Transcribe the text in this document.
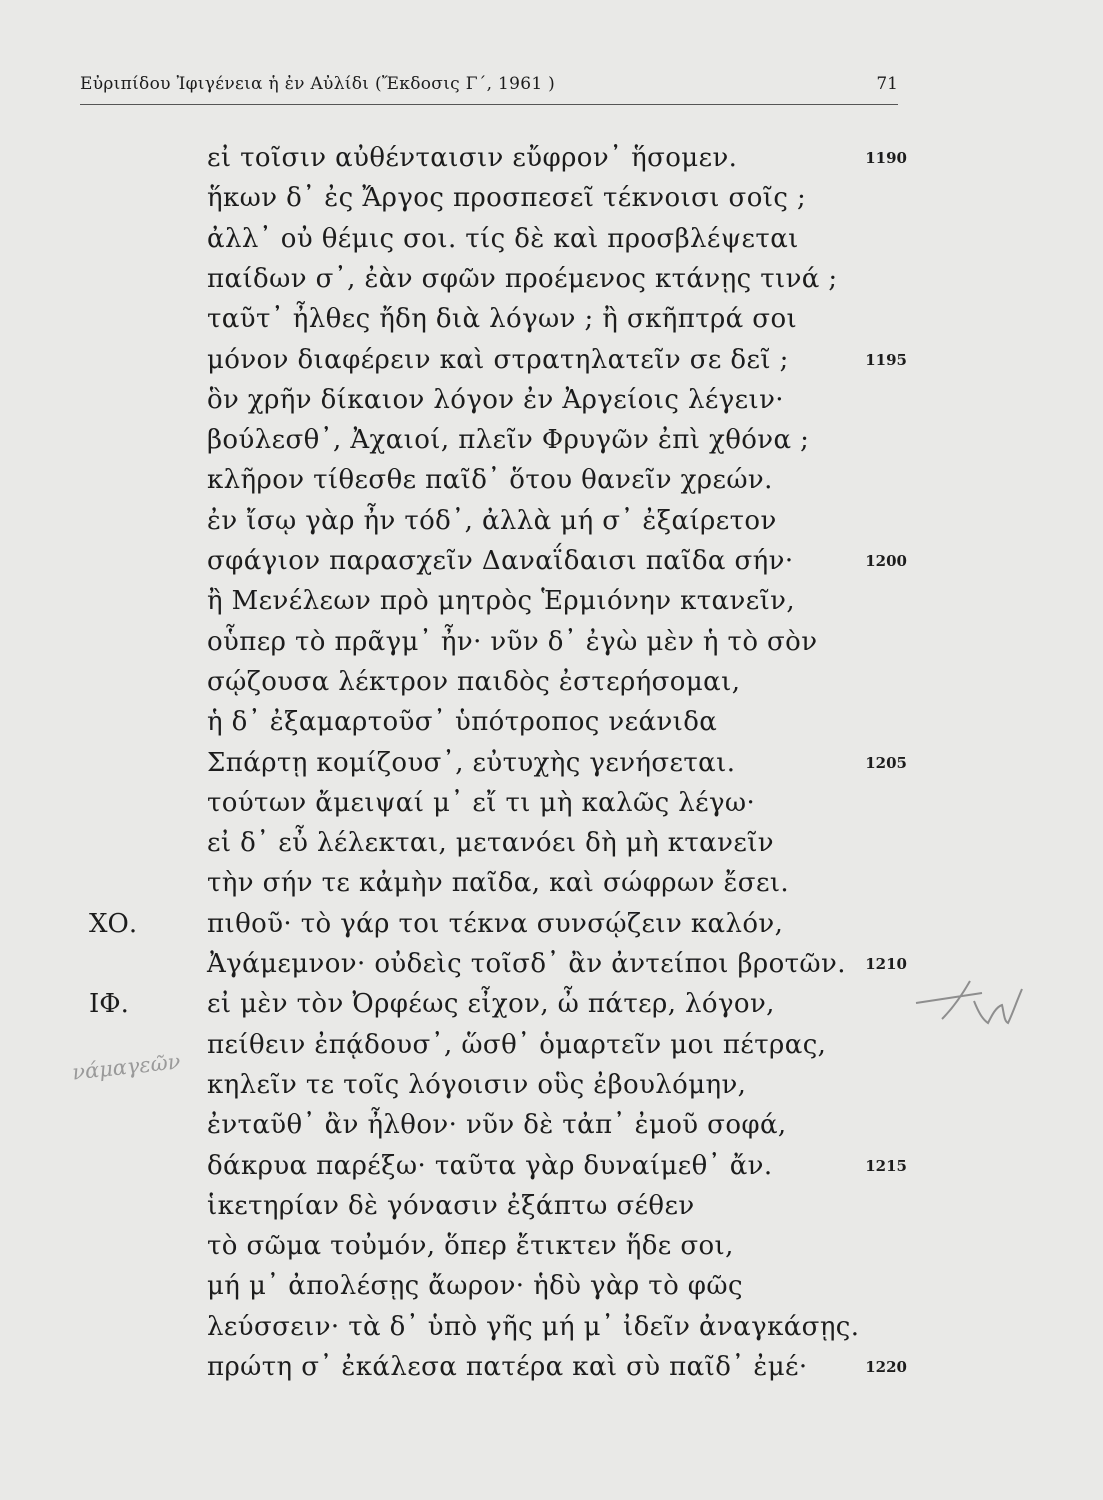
Εὐριπίδου Ἰφιγένεια ἡ ἐν Αὐλίδι (Ἔκδοσις Γ΄, 1961 )	71
εἰ τοῖσιν αὐθένταισιν εὔφρον᾽ ἥσομεν.	1190
ἥκων δ᾽ ἐς Ἄργος προσπεσεῖ τέκνοισι σοῖς ;
ἀλλ᾽ οὐ θέμις σοι. τίς δὲ καὶ προσβλέψεται
παίδων σ᾽, ἐὰν σφῶν προέμενος κτάνῃς τινά ;
ταῦτ᾽ ἦλθες ἤδη διὰ λόγων ; ἢ σκῆπτρά σοι
μόνον διαφέρειν καὶ στρατηλατεῖν σε δεῖ ;	1195
ὃν χρῆν δίκαιον λόγον ἐν Ἀργείοις λέγειν·
βούλεσθ᾽, Ἀχαιοί, πλεῖν Φρυγῶν ἐπὶ χθόνα ;
κλῆρον τίθεσθε παῖδ᾽ ὅτου θανεῖν χρεών.
ἐν ἴσῳ γὰρ ἦν τόδ᾽, ἀλλὰ μή σ᾽ ἐξαίρετον
σφάγιον παρασχεῖν Δαναΐδαισι παῖδα σήν·	1200
ἢ Μενέλεων πρὸ μητρὸς Ἑρμιόνην κτανεῖν,
οὗπερ τὸ πρᾶγμ᾽ ἦν· νῦν δ᾽ ἐγὼ μὲν ἡ τὸ σὸν
σῴζουσα λέκτρον παιδὸς ἐστερήσομαι,
ἡ δ᾽ ἐξαμαρτοῦσ᾽ ὑπότροπος νεάνιδα
Σπάρτῃ κομίζουσ᾽, εὐτυχὴς γενήσεται.	1205
τούτων ἄμειψαί μ᾽ εἴ τι μὴ καλῶς λέγω·
εἰ δ᾽ εὖ λέλεκται, μετανόει δὴ μὴ κτανεῖν
τὴν σήν τε κἀμὴν παῖδα, καὶ σώφρων ἔσει.
ΧΟ.	πιθοῦ· τὸ γάρ τοι τέκνα συνσῴζειν καλόν,
Ἀγάμεμνον· οὐδεὶς τοῖσδ᾽ ἂν ἀντείποι βροτῶν. 1210
ΙΦ.	εἰ μὲν τὸν Ὀρφέως εἶχον, ὦ πάτερ, λόγον,
πείθειν ἐπᾴδουσ᾽, ὥσθ᾽ ὁμαρτεῖν μοι πέτρας,
κηλεῖν τε τοῖς λόγοισιν οὓς ἐβουλόμην,
ἐνταῦθ᾽ ἂν ἦλθον· νῦν δὲ τἀπ᾽ ἐμοῦ σοφά,
δάκρυα παρέξω· ταῦτα γὰρ δυναίμεθ᾽ ἄν.	1215
ἱκετηρίαν δὲ γόνασιν ἐξάπτω σέθεν
τὸ σῶμα τοὐμόν, ὅπερ ἔτικτεν ἥδε σοι,
μή μ᾽ ἀπολέσῃς ἄωρον· ἡδὺ γὰρ τὸ φῶς
λεύσσειν· τὰ δ᾽ ὑπὸ γῆς μή μ᾽ ἰδεῖν ἀναγκάσῃς.
πρώτη σ᾽ ἐκάλεσα πατέρα καὶ σὺ παῖδ᾽ ἐμέ·	1220
νάμαγεῶν
